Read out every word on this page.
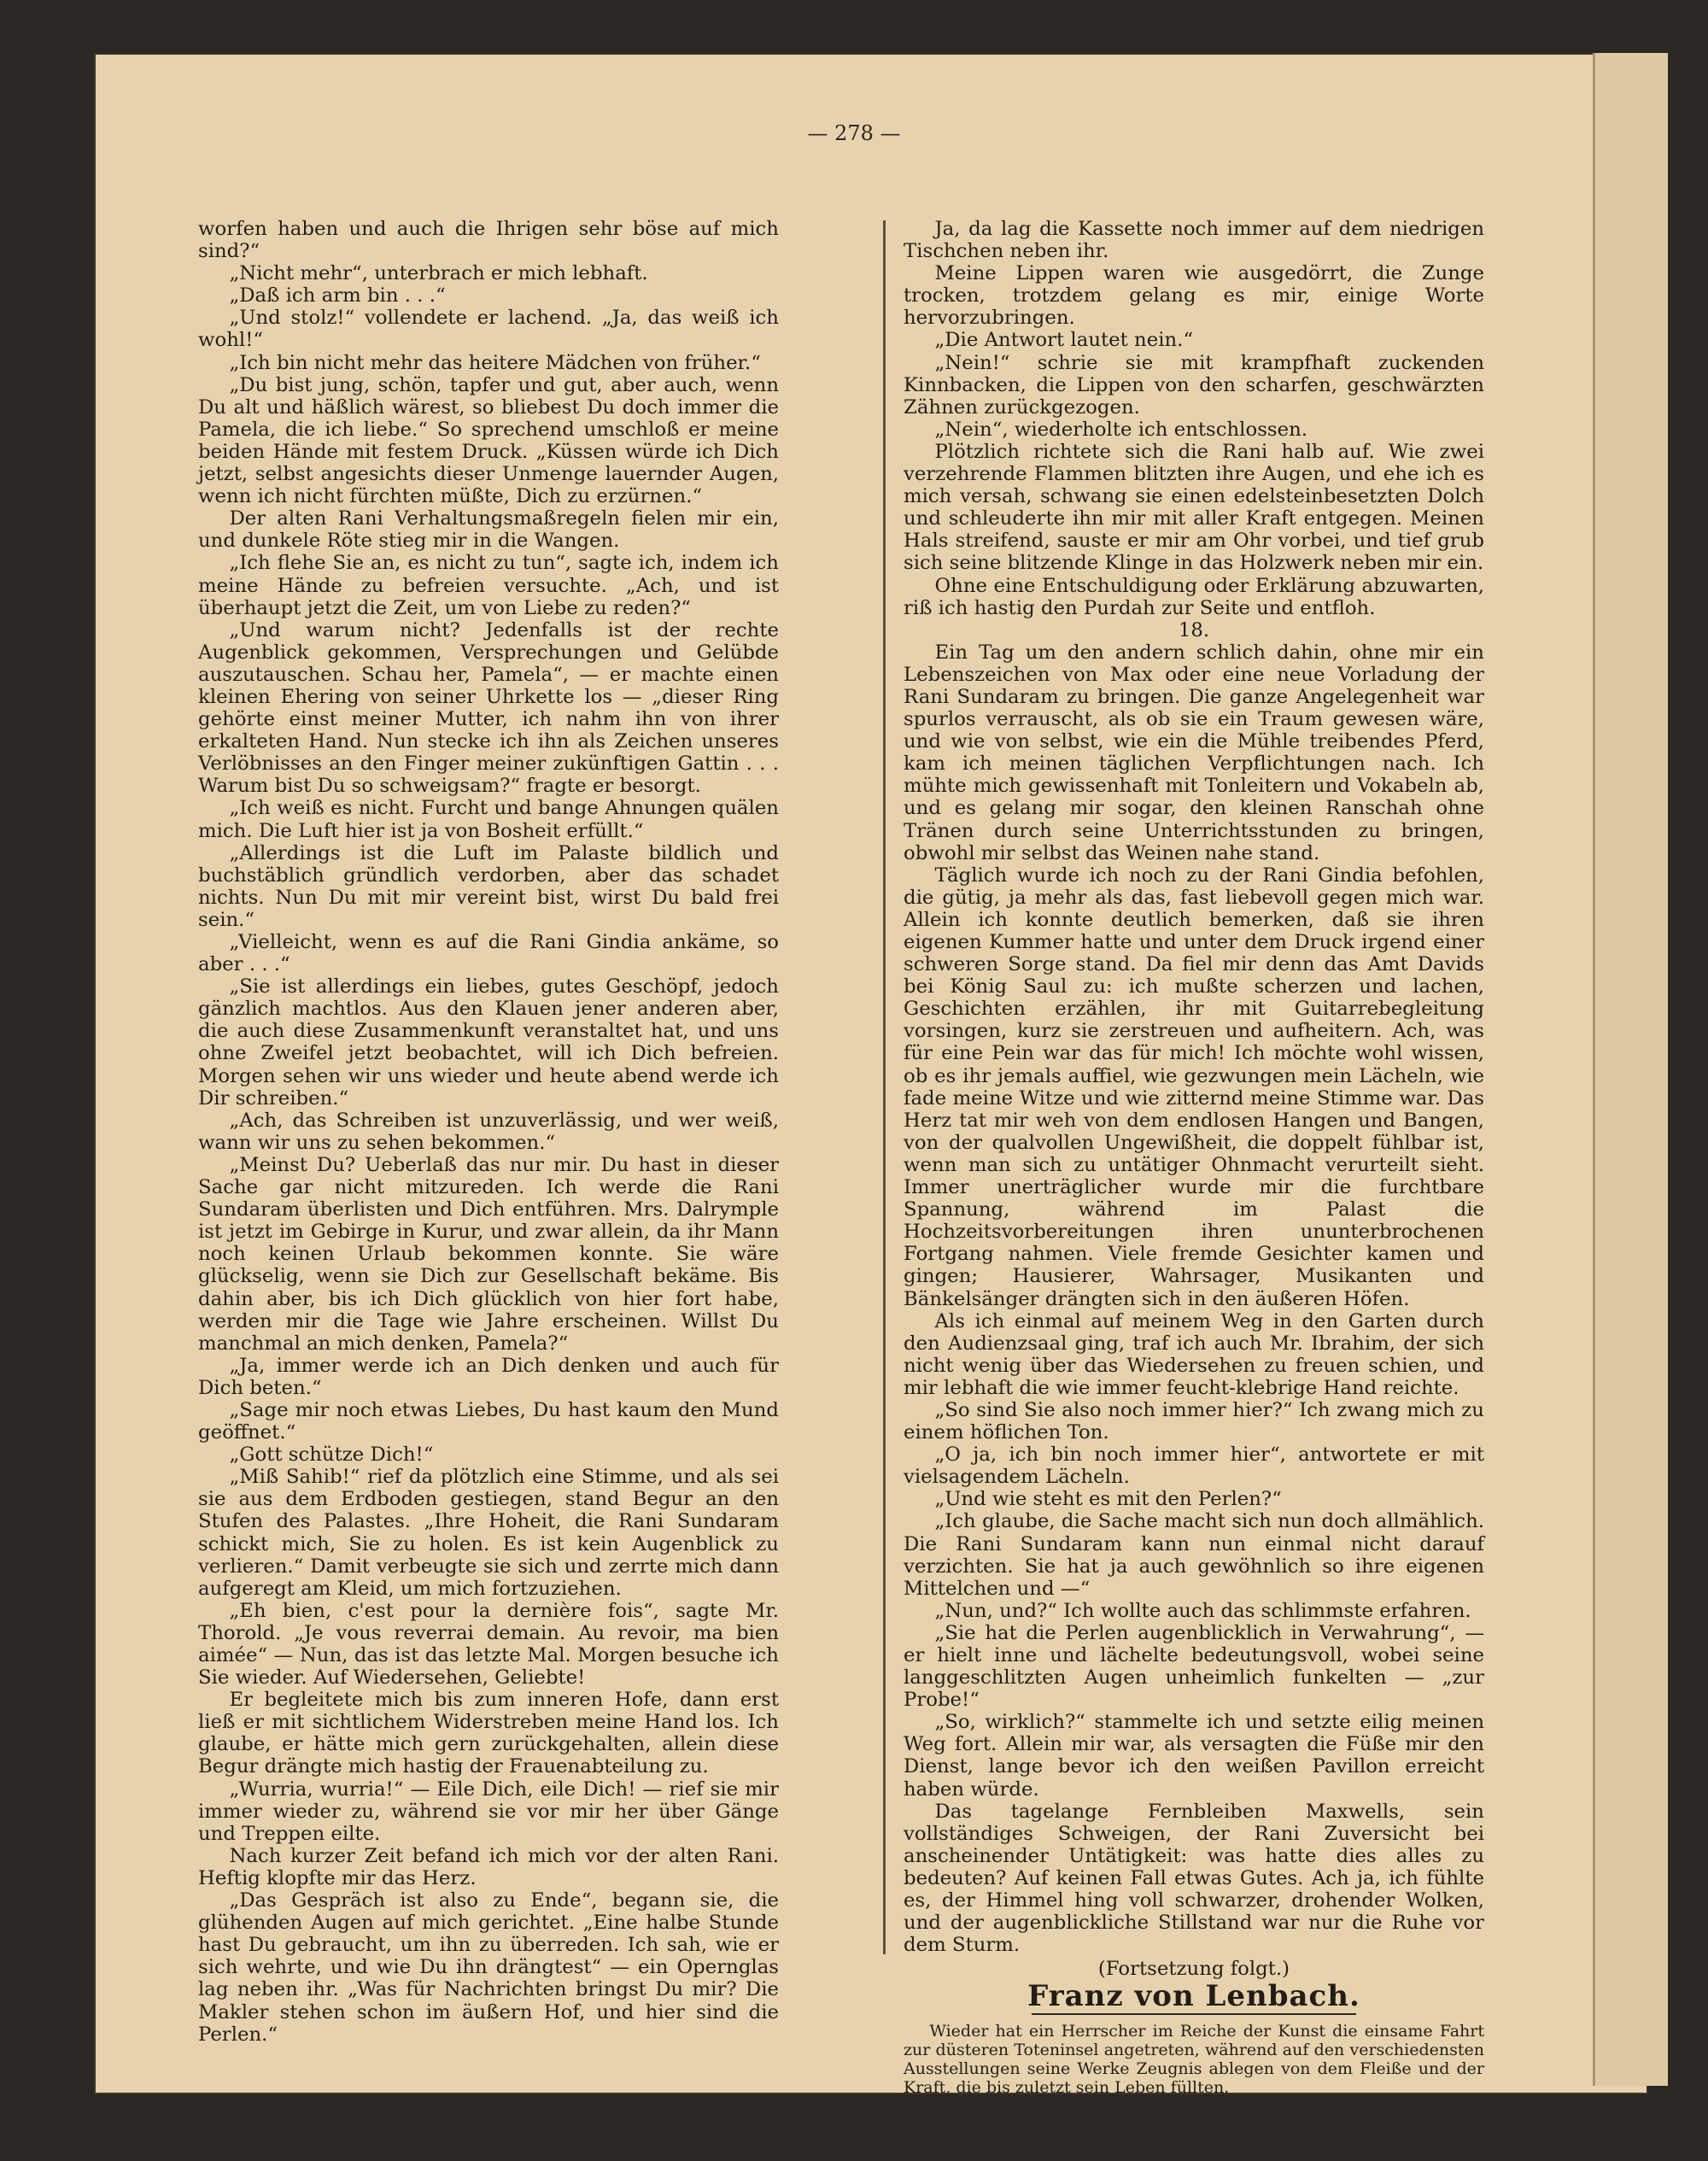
— 278 —

worfen haben und auch die Ihrigen sehr böse auf mich sind?“

„Nicht mehr“, unterbrach er mich lebhaft.

„Daß ich arm bin . . .“

„Und stolz!“ vollendete er lachend. „Ja, das weiß ich wohl!“

„Ich bin nicht mehr das heitere Mädchen von früher.“

„Du bist jung, schön, tapfer und gut, aber auch, wenn Du alt und häßlich wärest, so bliebest Du doch immer die Pamela, die ich liebe.“ So sprechend umschloß er meine beiden Hände mit festem Druck. „Küssen würde ich Dich jetzt, selbst angesichts dieser Unmenge lauernder Augen, wenn ich nicht fürchten müßte, Dich zu erzürnen.“

Der alten Rani Verhaltungsmaßregeln fielen mir ein, und dunkele Röte stieg mir in die Wangen.

„Ich flehe Sie an, es nicht zu tun“, sagte ich, indem ich meine Hände zu befreien versuchte. „Ach, und ist überhaupt jetzt die Zeit, um von Liebe zu reden?“

„Und warum nicht? Jedenfalls ist der rechte Augenblick gekommen, Versprechungen und Gelübde auszutauschen. Schau her, Pamela“, — er machte einen kleinen Ehering von seiner Uhrkette los — „dieser Ring gehörte einst meiner Mutter, ich nahm ihn von ihrer erkalteten Hand. Nun stecke ich ihn als Zeichen unseres Verlöbnisses an den Finger meiner zukünftigen Gattin . . . Warum bist Du so schweigsam?“ fragte er besorgt.

„Ich weiß es nicht. Furcht und bange Ahnungen quälen mich. Die Luft hier ist ja von Bosheit erfüllt.“

„Allerdings ist die Luft im Palaste bildlich und buchstäblich gründlich verdorben, aber das schadet nichts. Nun Du mit mir vereint bist, wirst Du bald frei sein.“

„Vielleicht, wenn es auf die Rani Gindia ankäme, so aber . . .“

„Sie ist allerdings ein liebes, gutes Geschöpf, jedoch gänzlich machtlos. Aus den Klauen jener anderen aber, die auch diese Zusammenkunft veranstaltet hat, und uns ohne Zweifel jetzt beobachtet, will ich Dich befreien. Morgen sehen wir uns wieder und heute abend werde ich Dir schreiben.“

„Ach, das Schreiben ist unzuverlässig, und wer weiß, wann wir uns zu sehen bekommen.“

„Meinst Du? Ueberlaß das nur mir. Du hast in dieser Sache gar nicht mitzureden. Ich werde die Rani Sundaram überlisten und Dich entführen. Mrs. Dalrymple ist jetzt im Gebirge in Kurur, und zwar allein, da ihr Mann noch keinen Urlaub bekommen konnte. Sie wäre glückselig, wenn sie Dich zur Gesellschaft bekäme. Bis dahin aber, bis ich Dich glücklich von hier fort habe, werden mir die Tage wie Jahre erscheinen. Willst Du manchmal an mich denken, Pamela?“

„Ja, immer werde ich an Dich denken und auch für Dich beten.“

„Sage mir noch etwas Liebes, Du hast kaum den Mund geöffnet.“

„Gott schütze Dich!“

„Miß Sahib!“ rief da plötzlich eine Stimme, und als sei sie aus dem Erdboden gestiegen, stand Begur an den Stufen des Palastes. „Ihre Hoheit, die Rani Sundaram schickt mich, Sie zu holen. Es ist kein Augenblick zu verlieren.“ Damit verbeugte sie sich und zerrte mich dann aufgeregt am Kleid, um mich fortzuziehen.

„Eh bien, c'est pour la dernière fois“, sagte Mr. Thorold. „Je vous reverrai demain. Au revoir, ma bien aimée“ — Nun, das ist das letzte Mal. Morgen besuche ich Sie wieder. Auf Wiedersehen, Geliebte!

Er begleitete mich bis zum inneren Hofe, dann erst ließ er mit sichtlichem Widerstreben meine Hand los. Ich glaube, er hätte mich gern zurückgehalten, allein diese Begur drängte mich hastig der Frauenabteilung zu.

„Wurria, wurria!“ — Eile Dich, eile Dich! — rief sie mir immer wieder zu, während sie vor mir her über Gänge und Treppen eilte.

Nach kurzer Zeit befand ich mich vor der alten Rani. Heftig klopfte mir das Herz.

„Das Gespräch ist also zu Ende“, begann sie, die glühenden Augen auf mich gerichtet. „Eine halbe Stunde hast Du gebraucht, um ihn zu überreden. Ich sah, wie er sich wehrte, und wie Du ihn drängtest“ — ein Opernglas lag neben ihr. „Was für Nachrichten bringst Du mir? Die Makler stehen schon im äußern Hof, und hier sind die Perlen.“

Ja, da lag die Kassette noch immer auf dem niedrigen Tischchen neben ihr.

Meine Lippen waren wie ausgedörrt, die Zunge trocken, trotzdem gelang es mir, einige Worte hervorzubringen.

„Die Antwort lautet nein.“

„Nein!“ schrie sie mit krampfhaft zuckenden Kinnbacken, die Lippen von den scharfen, geschwärzten Zähnen zurückgezogen.

„Nein“, wiederholte ich entschlossen.

Plötzlich richtete sich die Rani halb auf. Wie zwei verzehrende Flammen blitzten ihre Augen, und ehe ich es mich versah, schwang sie einen edelsteinbesetzten Dolch und schleuderte ihn mir mit aller Kraft entgegen. Meinen Hals streifend, sauste er mir am Ohr vorbei, und tief grub sich seine blitzende Klinge in das Holzwerk neben mir ein.

Ohne eine Entschuldigung oder Erklärung abzuwarten, riß ich hastig den Purdah zur Seite und entfloh.

18.

Ein Tag um den andern schlich dahin, ohne mir ein Lebenszeichen von Max oder eine neue Vorladung der Rani Sundaram zu bringen. Die ganze Angelegenheit war spurlos verrauscht, als ob sie ein Traum gewesen wäre, und wie von selbst, wie ein die Mühle treibendes Pferd, kam ich meinen täglichen Verpflichtungen nach. Ich mühte mich gewissenhaft mit Tonleitern und Vokabeln ab, und es gelang mir sogar, den kleinen Ranschah ohne Tränen durch seine Unterrichtsstunden zu bringen, obwohl mir selbst das Weinen nahe stand.

Täglich wurde ich noch zu der Rani Gindia befohlen, die gütig, ja mehr als das, fast liebevoll gegen mich war. Allein ich konnte deutlich bemerken, daß sie ihren eigenen Kummer hatte und unter dem Druck irgend einer schweren Sorge stand. Da fiel mir denn das Amt Davids bei König Saul zu: ich mußte scherzen und lachen, Geschichten erzählen, ihr mit Guitarrebegleitung vorsingen, kurz sie zerstreuen und aufheitern. Ach, was für eine Pein war das für mich! Ich möchte wohl wissen, ob es ihr jemals auffiel, wie gezwungen mein Lächeln, wie fade meine Witze und wie zitternd meine Stimme war. Das Herz tat mir weh von dem endlosen Hangen und Bangen, von der qualvollen Ungewißheit, die doppelt fühlbar ist, wenn man sich zu untätiger Ohnmacht verurteilt sieht. Immer unerträglicher wurde mir die furchtbare Spannung, während im Palast die Hochzeitsvorbereitungen ihren ununterbrochenen Fortgang nahmen. Viele fremde Gesichter kamen und gingen; Hausierer, Wahrsager, Musikanten und Bänkelsänger drängten sich in den äußeren Höfen.

Als ich einmal auf meinem Weg in den Garten durch den Audienzsaal ging, traf ich auch Mr. Ibrahim, der sich nicht wenig über das Wiedersehen zu freuen schien, und mir lebhaft die wie immer feucht-klebrige Hand reichte.

„So sind Sie also noch immer hier?“ Ich zwang mich zu einem höflichen Ton.

„O ja, ich bin noch immer hier“, antwortete er mit vielsagendem Lächeln.

„Und wie steht es mit den Perlen?“

„Ich glaube, die Sache macht sich nun doch allmählich. Die Rani Sundaram kann nun einmal nicht darauf verzichten. Sie hat ja auch gewöhnlich so ihre eigenen Mittelchen und —“

„Nun, und?“ Ich wollte auch das schlimmste erfahren.

„Sie hat die Perlen augenblicklich in Verwahrung“, — er hielt inne und lächelte bedeutungsvoll, wobei seine langgeschlitzten Augen unheimlich funkelten — „zur Probe!“

„So, wirklich?“ stammelte ich und setzte eilig meinen Weg fort. Allein mir war, als versagten die Füße mir den Dienst, lange bevor ich den weißen Pavillon erreicht haben würde.

Das tagelange Fernbleiben Maxwells, sein vollständiges Schweigen, der Rani Zuversicht bei anscheinender Untätigkeit: was hatte dies alles zu bedeuten? Auf keinen Fall etwas Gutes. Ach ja, ich fühlte es, der Himmel hing voll schwarzer, drohender Wolken, und der augenblickliche Stillstand war nur die Ruhe vor dem Sturm.

(Fortsetzung folgt.)

Franz von Lenbach.

Wieder hat ein Herrscher im Reiche der Kunst die einsame Fahrt zur düsteren Toteninsel angetreten, während auf den verschiedensten Ausstellungen seine Werke Zeugnis ablegen von dem Fleiße und der Kraft, die bis zuletzt sein Leben füllten.
